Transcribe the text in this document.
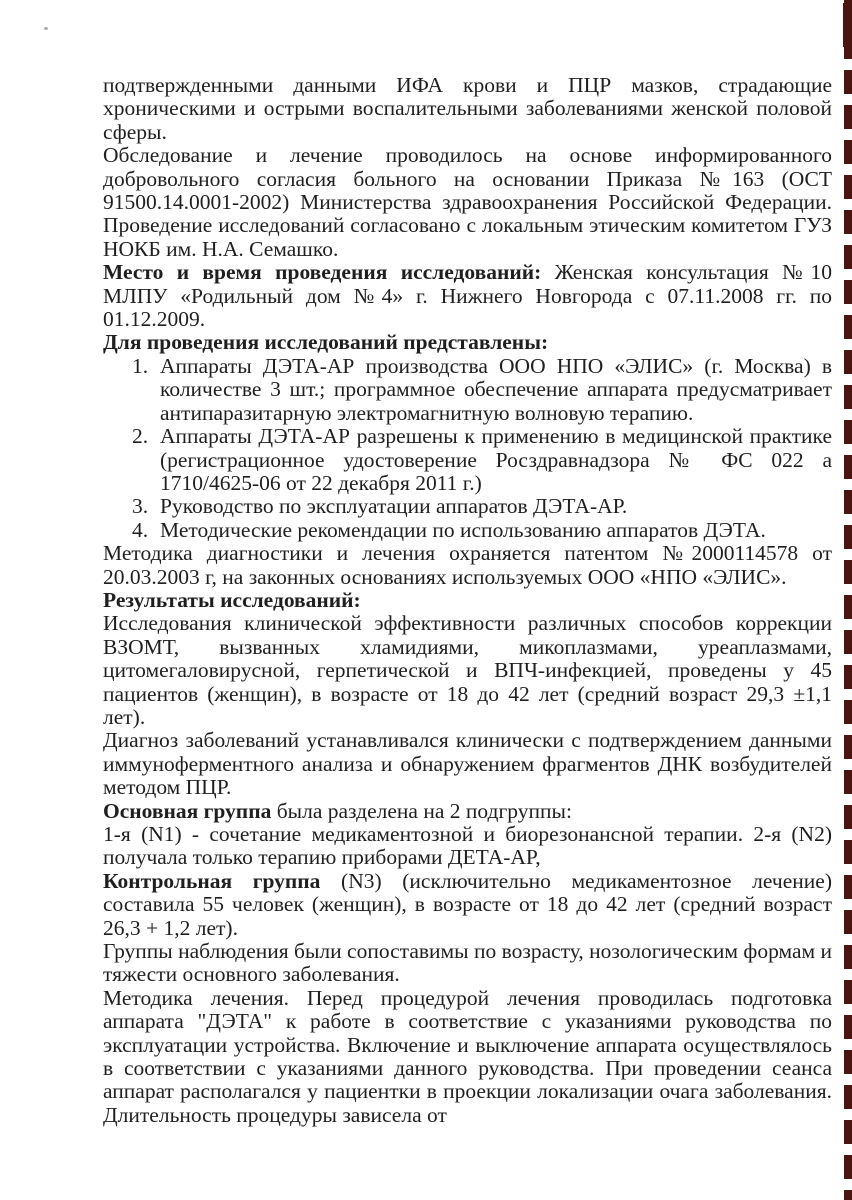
подтвержденными данными ИФА крови и ПЦР мазков, страдающие хроническими и острыми воспалительными заболеваниями женской половой сферы.

Обследование и лечение проводилось на основе информированного добровольного согласия больного на основании Приказа №163 (ОСТ 91500.14.0001-2002) Министерства здравоохранения Российской Федерации. Проведение исследований согласовано с локальным этическим комитетом ГУЗ НОКБ им. Н.А. Семашко.

Место и время проведения исследований: Женская консультация №10 МЛПУ «Родильный дом №4» г. Нижнего Новгорода с 07.11.2008 гг. по 01.12.2009.

Для проведения исследований представлены:

1. Аппараты ДЭТА-АР производства ООО НПО «ЭЛИС» (г. Москва) в количестве 3 шт.; программное обеспечение аппарата предусматривает антипаразитарную электромагнитную волновую терапию.
2. Аппараты ДЭТА-АР разрешены к применению в медицинской практике (регистрационное удостоверение Росздравнадзора № ФС 022 а 1710/4625-06 от 22 декабря 2011 г.)
3. Руководство по эксплуатации аппаратов ДЭТА-АР.
4. Методические рекомендации по использованию аппаратов ДЭТА.

Методика диагностики и лечения охраняется патентом №2000114578 от 20.03.2003 г, на законных основаниях используемых ООО «НПО «ЭЛИС».

Результаты исследований:

Исследования клинической эффективности различных способов коррекции ВЗОМТ, вызванных хламидиями, микоплазмами, уреаплазмами, цитомегаловирусной, герпетической и ВПЧ-инфекцией, проведены у 45 пациентов (женщин), в возрасте от 18 до 42 лет (средний возраст 29,3 ±1,1 лет).

Диагноз заболеваний устанавливался клинически с подтверждением данными иммуноферментного анализа и обнаружением фрагментов ДНК возбудителей методом ПЦР.

Основная группа была разделена на 2 подгруппы:

1-я (N1) - сочетание медикаментозной и биорезонансной терапии. 2-я (N2) получала только терапию приборами ДЕТА-АР,

Контрольная группа (N3) (исключительно медикаментозное лечение) составила 55 человек (женщин), в возрасте от 18 до 42 лет (средний возраст 26,3 + 1,2 лет).

Группы наблюдения были сопоставимы по возрасту, нозологическим формам и тяжести основного заболевания.

Методика лечения. Перед процедурой лечения проводилась подготовка аппарата "ДЭТА" к работе в соответствие с указаниями руководства по эксплуатации устройства. Включение и выключение аппарата осуществлялось в соответствии с указаниями данного руководства. При проведении сеанса аппарат располагался у пациентки в проекции локализации очага заболевания. Длительность процедуры зависела от
